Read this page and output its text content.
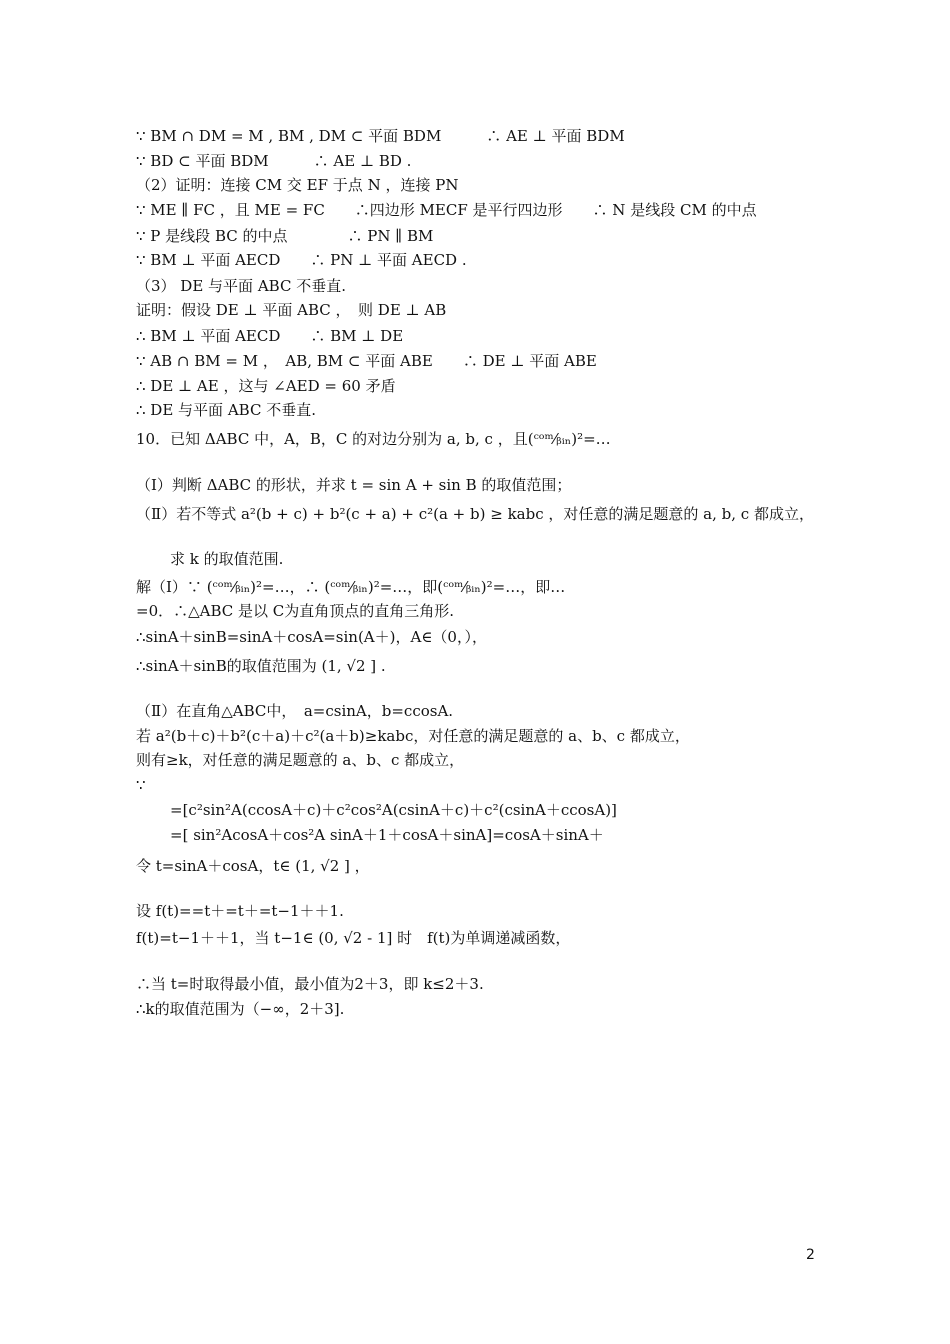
∵ BM ∩ DM = M , BM , DM ⊂ 平面 BDM　　　∴ AE ⊥ 平面 BDM
∵ BD ⊂ 平面 BDM　　　∴ AE ⊥ BD .
（2）证明：连接 CM 交 EF 于点 N ，连接 PN
∵ ME ∥ FC ，且 ME = FC　　∴四边形 MECF 是平行四边形　　∴ N 是线段 CM 的中点
∵ P 是线段 BC 的中点　　　　∴ PN ∥ BM
∵ BM ⊥ 平面 AECD　　∴ PN ⊥ 平面 AECD .
（3） DE 与平面 ABC 不垂直.
证明：假设 DE ⊥ 平面 ABC ，　则 DE ⊥ AB
∴ BM ⊥ 平面 AECD　　∴ BM ⊥ DE
∵ AB ∩ BM = M ，　AB, BM ⊂ 平面 ABE　　∴ DE ⊥ 平面 ABE
∴ DE ⊥ AE ，这与 ∠AED = 60 矛盾
∴ DE 与平面 ABC 不垂直.
10．已知 ΔABC 中，A，B，C 的对边分别为 a, b, c ，且(ᶜᵒᵐ⁄ᵦᵢₙ)²=…
（Ⅰ）判断 ΔABC 的形状，并求 t = sin A + sin B 的取值范围；
（Ⅱ）若不等式 a²(b + c) + b²(c + a) + c²(a + b) ≥ kabc ，对任意的满足题意的 a, b, c 都成立，
求 k 的取值范围.
解（Ⅰ）∵ (ᶜᵒᵐ⁄ᵦᵢₙ)²=…，∴ (ᶜᵒᵐ⁄ᵦᵢₙ)²=…，即(ᶜᵒᵐ⁄ᵦᵢₙ)²=…，即…
=0．∴△ABC 是以 C为直角顶点的直角三角形.
∴sinA＋sinB=sinA＋cosA=sin(A＋)，A∈（0，），
∴sinA＋sinB的取值范围为 (1, √2 ] .
（Ⅱ）在直角△ABC中，　a=csinA，b=ccosA.
若 a²(b＋c)＋b²(c＋a)＋c²(a＋b)≥kabc，对任意的满足题意的 a、b、c 都成立，
则有≥k，对任意的满足题意的 a、b、c 都成立，
∵
=[c²sin²A(ccosA＋c)＋c²cos²A(csinA＋c)＋c²(csinA＋ccosA)]
=[ sin²AcosA＋cos²A sinA＋1＋cosA＋sinA]=cosA＋sinA＋
令 t=sinA＋cosA，t∈ (1, √2 ] ，
设 f(t)==t＋=t＋=t−1＋＋1.
f(t)=t−1＋＋1，当 t−1∈ (0, √2 - 1] 时　f(t)为单调递减函数，
∴当 t=时取得最小值，最小值为2＋3，即 k≤2＋3.
∴k的取值范围为（−∞，2＋3].
2
